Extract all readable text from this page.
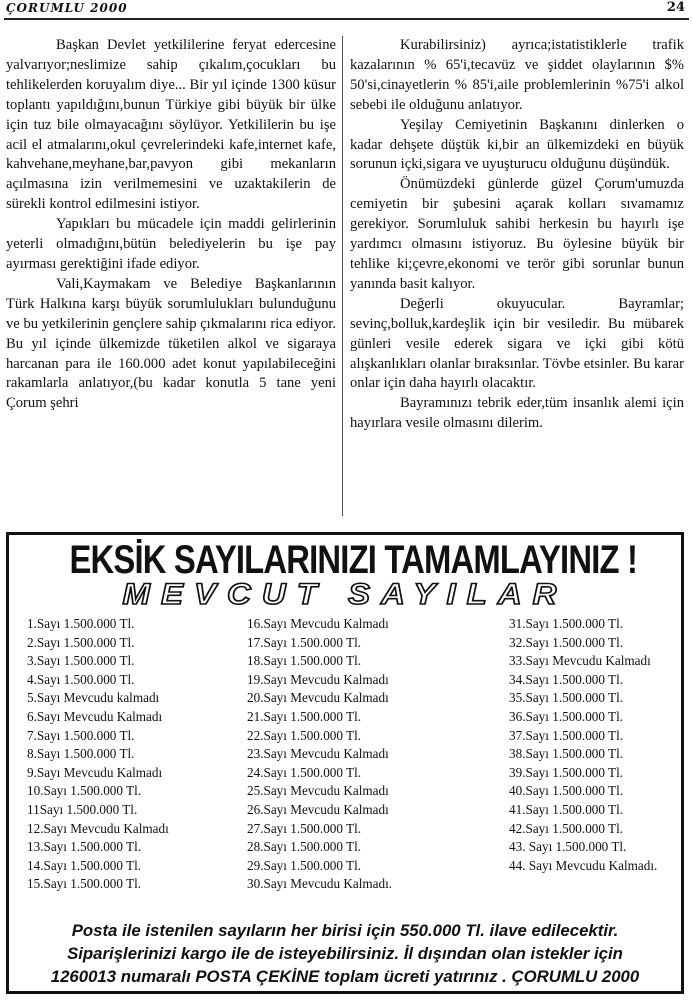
ÇORUMLU 2000	24

Başkan Devlet yetkililerine feryat edercesine yalvarıyor;neslimize sahip çıkalım,çocukları bu tehlikelerden koruyalım diye... Bir yıl içinde 1300 küsur toplantı yapıldığını,bunun Türkiye gibi büyük bir ülke için tuz bile olmayacağını söylüyor. Yetkililerin bu işe acil el atmalarını,okul çevrelerindeki kafe,internet kafe, kahvehane,meyhane,bar,pavyon gibi mekanların açılmasına izin verilmemesini ve uzaktakilerin de sürekli kontrol edilmesini istiyor.

Yapıkları bu mücadele için maddi gelirlerinin yeterli olmadığını,bütün belediyelerin bu işe pay ayırması gerektiğini ifade ediyor.

Vali,Kaymakam ve Belediye Başkanlarının Türk Halkına karşı büyük sorumlulukları bulunduğunu ve bu yetkilerinin gençlere sahip çıkmalarını rica ediyor. Bu yıl içinde ülkemizde tüketilen alkol ve sigaraya harcanan para ile 160.000 adet konut yapılabileceğini rakamlarla anlatıyor,(bu kadar konutla 5 tane yeni Çorum şehri

Kurabilirsiniz) ayrıca;istatistiklerle trafik kazalarının % 65'i,tecavüz ve şiddet olaylarının $% 50'si,cinayetlerin % 85'i,aile problemlerinin %75'i alkol sebebi ile olduğunu anlatıyor.

Yeşilay Cemiyetinin Başkanını dinlerken o kadar dehşete düştük ki,bir an ülkemizdeki en büyük sorunun içki,sigara ve uyuşturucu olduğunu düşündük.

Önümüzdeki günlerde güzel Çorum'umuzda cemiyetin bir şubesini açarak kolları sıvamamız gerekiyor. Sorumluluk sahibi herkesin bu hayırlı işe yardımcı olmasını istiyoruz. Bu öylesine büyük bir tehlike ki;çevre,ekonomi ve terör gibi sorunlar bunun yanında basit kalıyor.

Değerli okuyucular. Bayramlar; sevinç,bolluk,kardeşlik için bir vesiledir. Bu mübarek günleri vesile ederek sigara ve içki gibi kötü alışkanlıkları olanlar bıraksınlar. Tövbe etsinler. Bu karar onlar için daha hayırlı olacaktır.

Bayramınızı tebrik eder,tüm insanlık alemi için hayırlara vesile olmasını dilerim.

EKSİK SAYILARINIZI TAMAMLAYINIZ !
MEVCUT SAYILAR
1.Sayı 1.500.000 Tl.
2.Sayı 1.500.000 Tl.
3.Sayı 1.500.000 Tl.
4.Sayı 1.500.000 Tl.
5.Sayı Mevcudu kalmadı
6.Sayı Mevcudu Kalmadı
7.Sayı 1.500.000 Tl.
8.Sayı 1.500.000 Tl.
9.Sayı Mevcudu Kalmadı
10.Sayı 1.500.000 Tl.
11Sayı 1.500.000 Tl.
12.Sayı Mevcudu Kalmadı
13.Sayı 1.500.000 Tl.
14.Sayı 1.500.000 Tl.
15.Sayı 1.500.000 Tl.
16.Sayı Mevcudu Kalmadı
17.Sayı 1.500.000 Tl.
18.Sayı 1.500.000 Tl.
19.Sayı Mevcudu Kalmadı
20.Sayı Mevcudu Kalmadı
21.Sayı 1.500.000 Tl.
22.Sayı 1.500.000 Tl.
23.Sayı Mevcudu Kalmadı
24.Sayı 1.500.000 Tl.
25.Sayı Mevcudu Kalmadı
26.Sayı Mevcudu Kalmadı
27.Sayı 1.500.000 Tl.
28.Sayı 1.500.000 Tl.
29.Sayı 1.500.000 Tl.
30.Sayı Mevcudu Kalmadı.
31.Sayı 1.500.000 Tl.
32.Sayı 1.500.000 Tl.
33.Sayı Mevcudu Kalmadı
34.Sayı 1.500.000 Tl.
35.Sayı 1.500.000 Tl.
36.Sayı 1.500.000 Tl.
37.Sayı 1.500.000 Tl.
38.Sayı 1.500.000 Tl.
39.Sayı 1.500.000 Tl.
40.Sayı 1.500.000 Tl.
41.Sayı 1.500.000 Tl.
42.Sayı 1.500.000 Tl.
43. Sayı 1.500.000 Tl.
44. Sayı Mevcudu Kalmadı.
Posta ile istenilen sayıların her birisi için 550.000 Tl. ilave edilecektir.
Siparişlerinizi kargo ile de isteyebilirsiniz. İl dışından olan istekler için
1260013 numaralı POSTA ÇEKİNE toplam ücreti yatırınız . ÇORUMLU 2000
